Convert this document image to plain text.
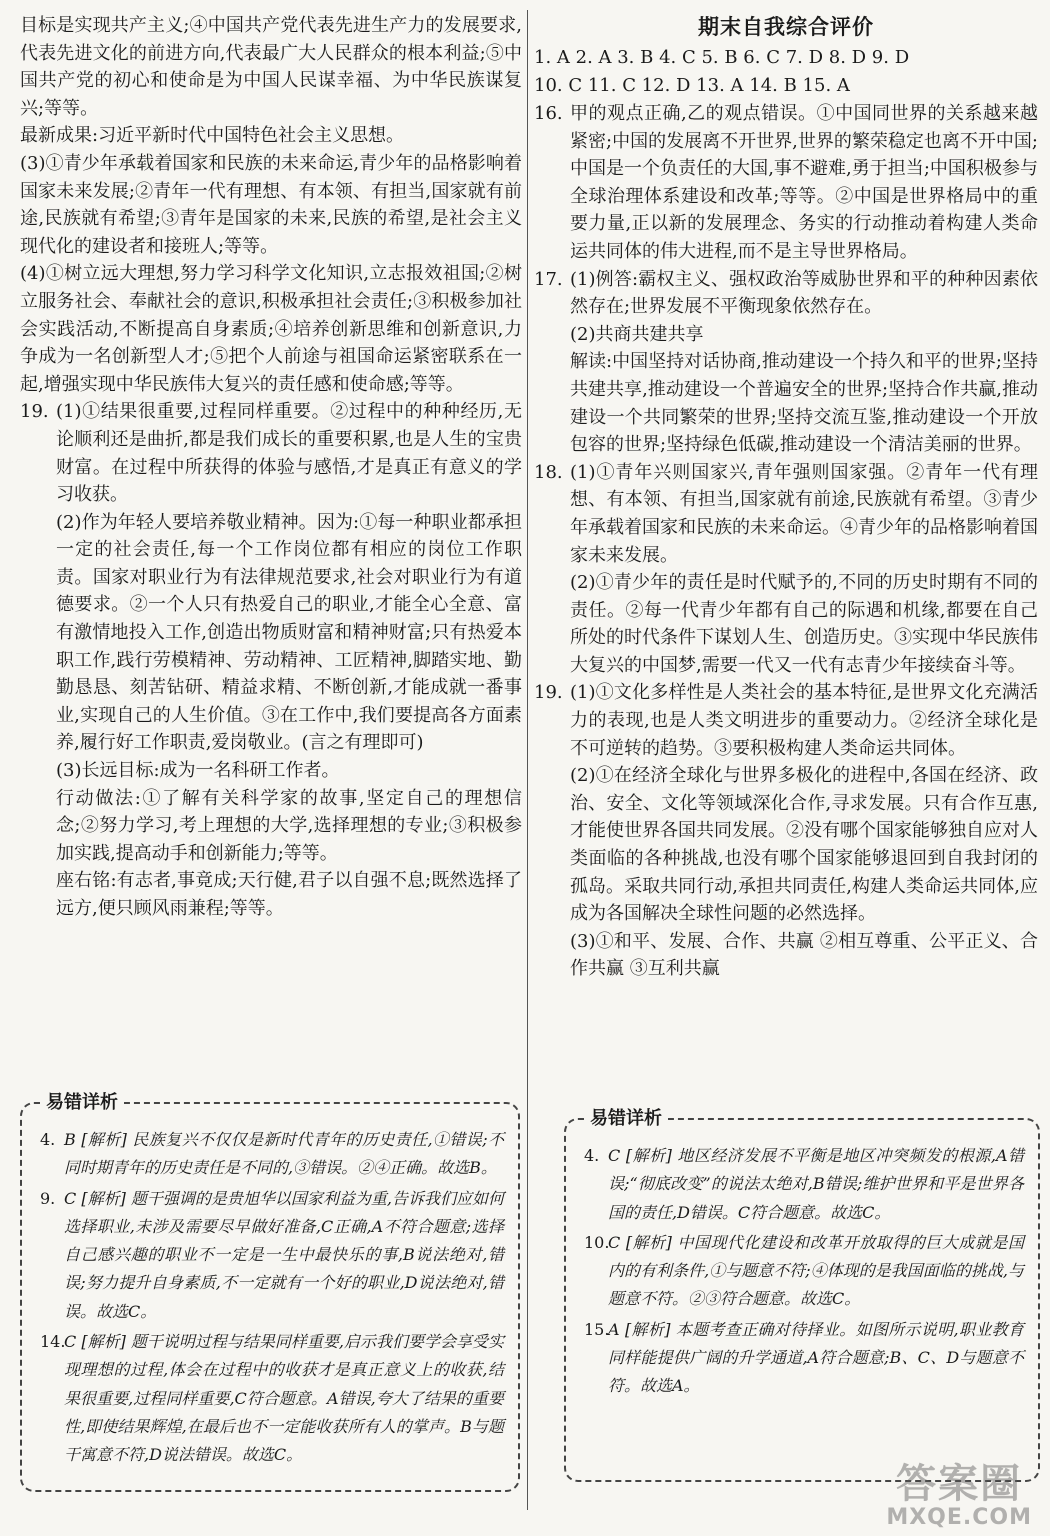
目标是实现共产主义;④中国共产党代表先进生产力的发展要求,代表先进文化的前进方向,代表最广大人民群众的根本利益;⑤中国共产党的初心和使命是为中国人民谋幸福、为中华民族谋复兴;等等。

最新成果:习近平新时代中国特色社会主义思想。

(3)①青少年承载着国家和民族的未来命运,青少年的品格影响着国家未来发展;②青年一代有理想、有本领、有担当,国家就有前途,民族就有希望;③青年是国家的未来,民族的希望,是社会主义现代化的建设者和接班人;等等。

(4)①树立远大理想,努力学习科学文化知识,立志报效祖国;②树立服务社会、奉献社会的意识,积极承担社会责任;③积极参加社会实践活动,不断提高自身素质;④培养创新思维和创新意识,力争成为一名创新型人才;⑤把个人前途与祖国命运紧密联系在一起,增强实现中华民族伟大复兴的责任感和使命感;等等。

19. (1)①结果很重要,过程同样重要。②过程中的种种经历,无论顺利还是曲折,都是我们成长的重要积累,也是人生的宝贵财富。在过程中所获得的体验与感悟,才是真正有意义的学习收获。

(2)作为年轻人要培养敬业精神。因为:①每一种职业都承担一定的社会责任,每一个工作岗位都有相应的岗位工作职责。国家对职业行为有法律规范要求,社会对职业行为有道德要求。②一个人只有热爱自己的职业,才能全心全意、富有激情地投入工作,创造出物质财富和精神财富;只有热爱本职工作,践行劳模精神、劳动精神、工匠精神,脚踏实地、勤勤恳恳、刻苦钻研、精益求精、不断创新,才能成就一番事业,实现自己的人生价值。③在工作中,我们要提高各方面素养,履行好工作职责,爱岗敬业。(言之有理即可)

(3)长远目标:成为一名科研工作者。

行动做法:①了解有关科学家的故事,坚定自己的理想信念;②努力学习,考上理想的大学,选择理想的专业;③积极参加实践,提高动手和创新能力;等等。

座右铭:有志者,事竟成;天行健,君子以自强不息;既然选择了远方,便只顾风雨兼程;等等。

易错详析
4. B [解析] 民族复兴不仅仅是新时代青年的历史责任,①错误;不同时期青年的历史责任是不同的,③错误。②④正确。故选B。

9. C [解析] 题干强调的是贵旭华以国家利益为重,告诉我们应如何选择职业,未涉及需要尽早做好准备,C正确,A不符合题意;选择自己感兴趣的职业不一定是一生中最快乐的事,B说法绝对,错误;努力提升自身素质,不一定就有一个好的职业,D说法绝对,错误。故选C。

14.

C [解析] 题干说明过程与结果同样重要,启示我们要学会享受实现理想的过程,体会在过程中的收获才是真正意义上的收获,结果很重要,过程同样重要,C符合题意。A错误,夸大了结果的重要性,即使结果辉煌,在最后也不一定能收获所有人的掌声。B与题干寓意不符,D说法错误。故选C。

期末自我综合评价

1. A 2. A 3. B 4. C 5. B 6. C 7. D 8. D 9. D

10. C 11. C 12. D 13. A 14. B 15. A

16. 甲的观点正确,乙的观点错误。①中国同世界的关系越来越紧密;中国的发展离不开世界,世界的繁荣稳定也离不开中国;中国是一个负责任的大国,事不避难,勇于担当;中国积极参与全球治理体系建设和改革;等等。②中国是世界格局中的重要力量,正以新的发展理念、务实的行动推动着构建人类命运共同体的伟大进程,而不是主导世界格局。

17. (1)例答:霸权主义、强权政治等威胁世界和平的种种因素依然存在;世界发展不平衡现象依然存在。

(2)共商共建共享

解读:中国坚持对话协商,推动建设一个持久和平的世界;坚持共建共享,推动建设一个普遍安全的世界;坚持合作共赢,推动建设一个共同繁荣的世界;坚持交流互鉴,推动建设一个开放包容的世界;坚持绿色低碳,推动建设一个清洁美丽的世界。

18. (1)①青年兴则国家兴,青年强则国家强。②青年一代有理想、有本领、有担当,国家就有前途,民族就有希望。③青少年承载着国家和民族的未来命运。④青少年的品格影响着国家未来发展。

(2)①青少年的责任是时代赋予的,不同的历史时期有不同的责任。②每一代青少年都有自己的际遇和机缘,都要在自己所处的时代条件下谋划人生、创造历史。③实现中华民族伟大复兴的中国梦,需要一代又一代有志青少年接续奋斗等。

19. (1)①文化多样性是人类社会的基本特征,是世界文化充满活力的表现,也是人类文明进步的重要动力。②经济全球化是不可逆转的趋势。③要积极构建人类命运共同体。

(2)①在经济全球化与世界多极化的进程中,各国在经济、政治、安全、文化等领域深化合作,寻求发展。只有合作互惠,才能使世界各国共同发展。②没有哪个国家能够独自应对人类面临的各种挑战,也没有哪个国家能够退回到自我封闭的孤岛。采取共同行动,承担共同责任,构建人类命运共同体,应成为各国解决全球性问题的必然选择。

(3)①和平、发展、合作、共赢 ②相互尊重、公平正义、合作共赢 ③互利共赢

易错详析
4. C [解析] 地区经济发展不平衡是地区冲突频发的根源,A错误;“彻底改变”的说法太绝对,B错误;维护世界和平是世界各国的责任,D错误。C符合题意。故选C。

10.

C [解析] 中国现代化建设和改革开放取得的巨大成就是国内的有利条件,①与题意不符;④体现的是我国面临的挑战,与题意不符。②③符合题意。故选C。

15.

A [解析] 本题考查正确对待择业。如图所示说明,职业教育同样能提供广阔的升学通道,A符合题意;B、C、D与题意不符。故选A。

答案圈
MXQE.COM
